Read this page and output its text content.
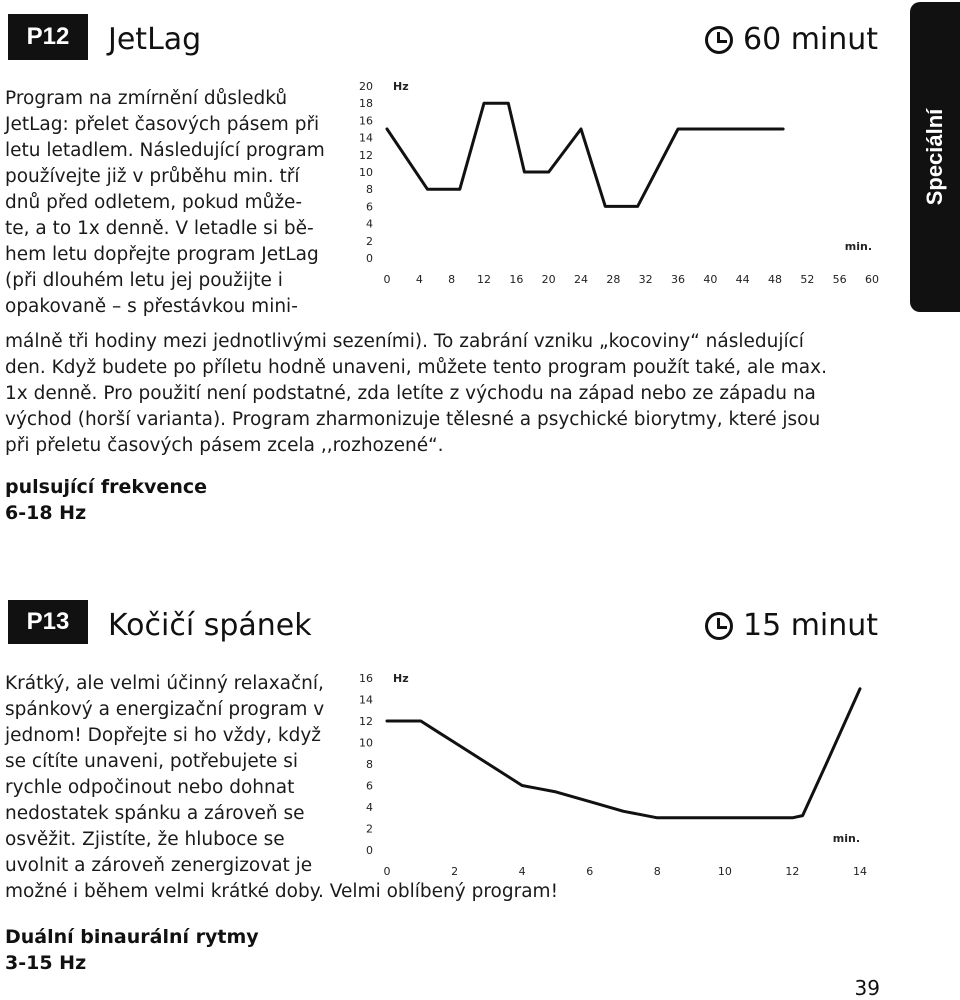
Speciální
P12 JetLag	60 minut
Program na zmírnění důsledků
JetLag: přelet časových pásem při
letu letadlem. Následující program
používejte již v průběhu min. tří
dnů před odletem, pokud může-
te, a to 1x denně. V letadle si bě-
hem letu dopřejte program JetLag
(při dlouhém letu jej použijte i
opakovaně – s přestávkou mini-
málně tři hodiny mezi jednotlivými sezeními). To zabrání vzniku „kocoviny“ následující
den. Když budete po příletu hodně unaveni, můžete tento program použít také, ale max.
1x denně. Pro použití není podstatné, zda letíte z východu na západ nebo ze západu na
východ (horší varianta). Program zharmonizuje tělesné a psychické biorytmy, které jsou
při přeletu časových pásem zcela ,,rozhozené“.
pulsující frekvence
6-18 Hz
0
2
4
6
8
10
12
14
16
18
20
0 4 8 12 16 20 24 28 32 36 40 44 48 52 56 60
Hz
min.
P13 Kočičí spánek	15 minut
Krátký, ale velmi účinný relaxační,
spánkový a energizační program v
jednom! Dopřejte si ho vždy, když
se cítíte unaveni, potřebujete si
rychle odpočinout nebo dohnat
nedostatek spánku a zároveň se
osvěžit. Zjistíte, že hluboce se
uvolnit a zároveň zenergizovat je
možné i během velmi krátké doby. Velmi oblíbený program!
Duální binaurální rytmy
3-15 Hz
0
2
4
6
8
10
12
14
16
0	2	4	6	8	10	12	14
Hz
min.
39
